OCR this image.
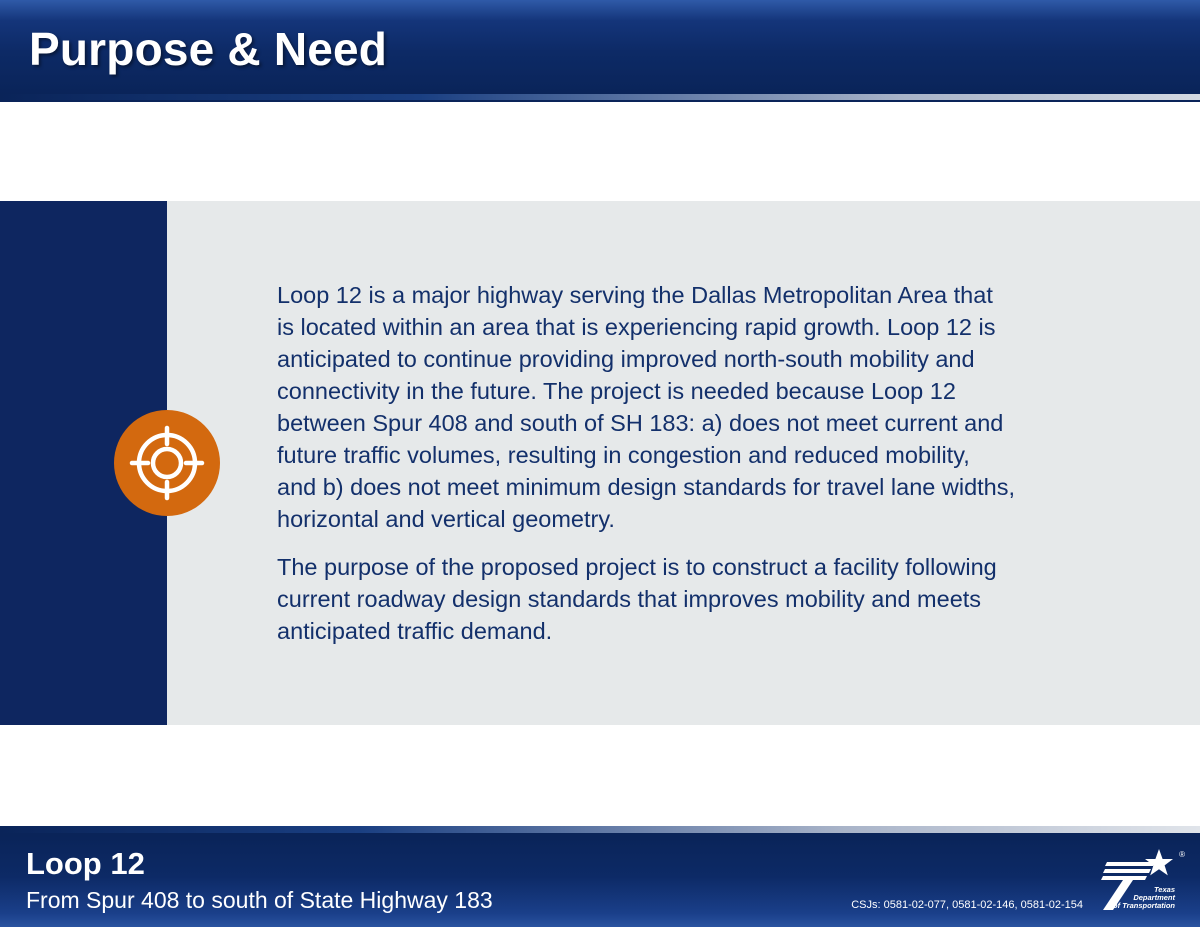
Purpose & Need

Loop 12 is a major highway serving the Dallas Metropolitan Area that
is located within an area that is experiencing rapid growth. Loop 12 is
anticipated to continue providing improved north-south mobility and
connectivity in the future. The project is needed because Loop 12
between Spur 408 and south of SH 183: a) does not meet current and
future traffic volumes, resulting in congestion and reduced mobility,
and b) does not meet minimum design standards for travel lane widths,
horizontal and vertical geometry.

The purpose of the proposed project is to construct a facility following
current roadway design standards that improves mobility and meets
anticipated traffic demand.

Loop 12
From Spur 408 to south of State Highway 183	CSJs: 0581-02-077, 0581-02-146, 0581-02-154
®
Texas
Department
of Transportation
